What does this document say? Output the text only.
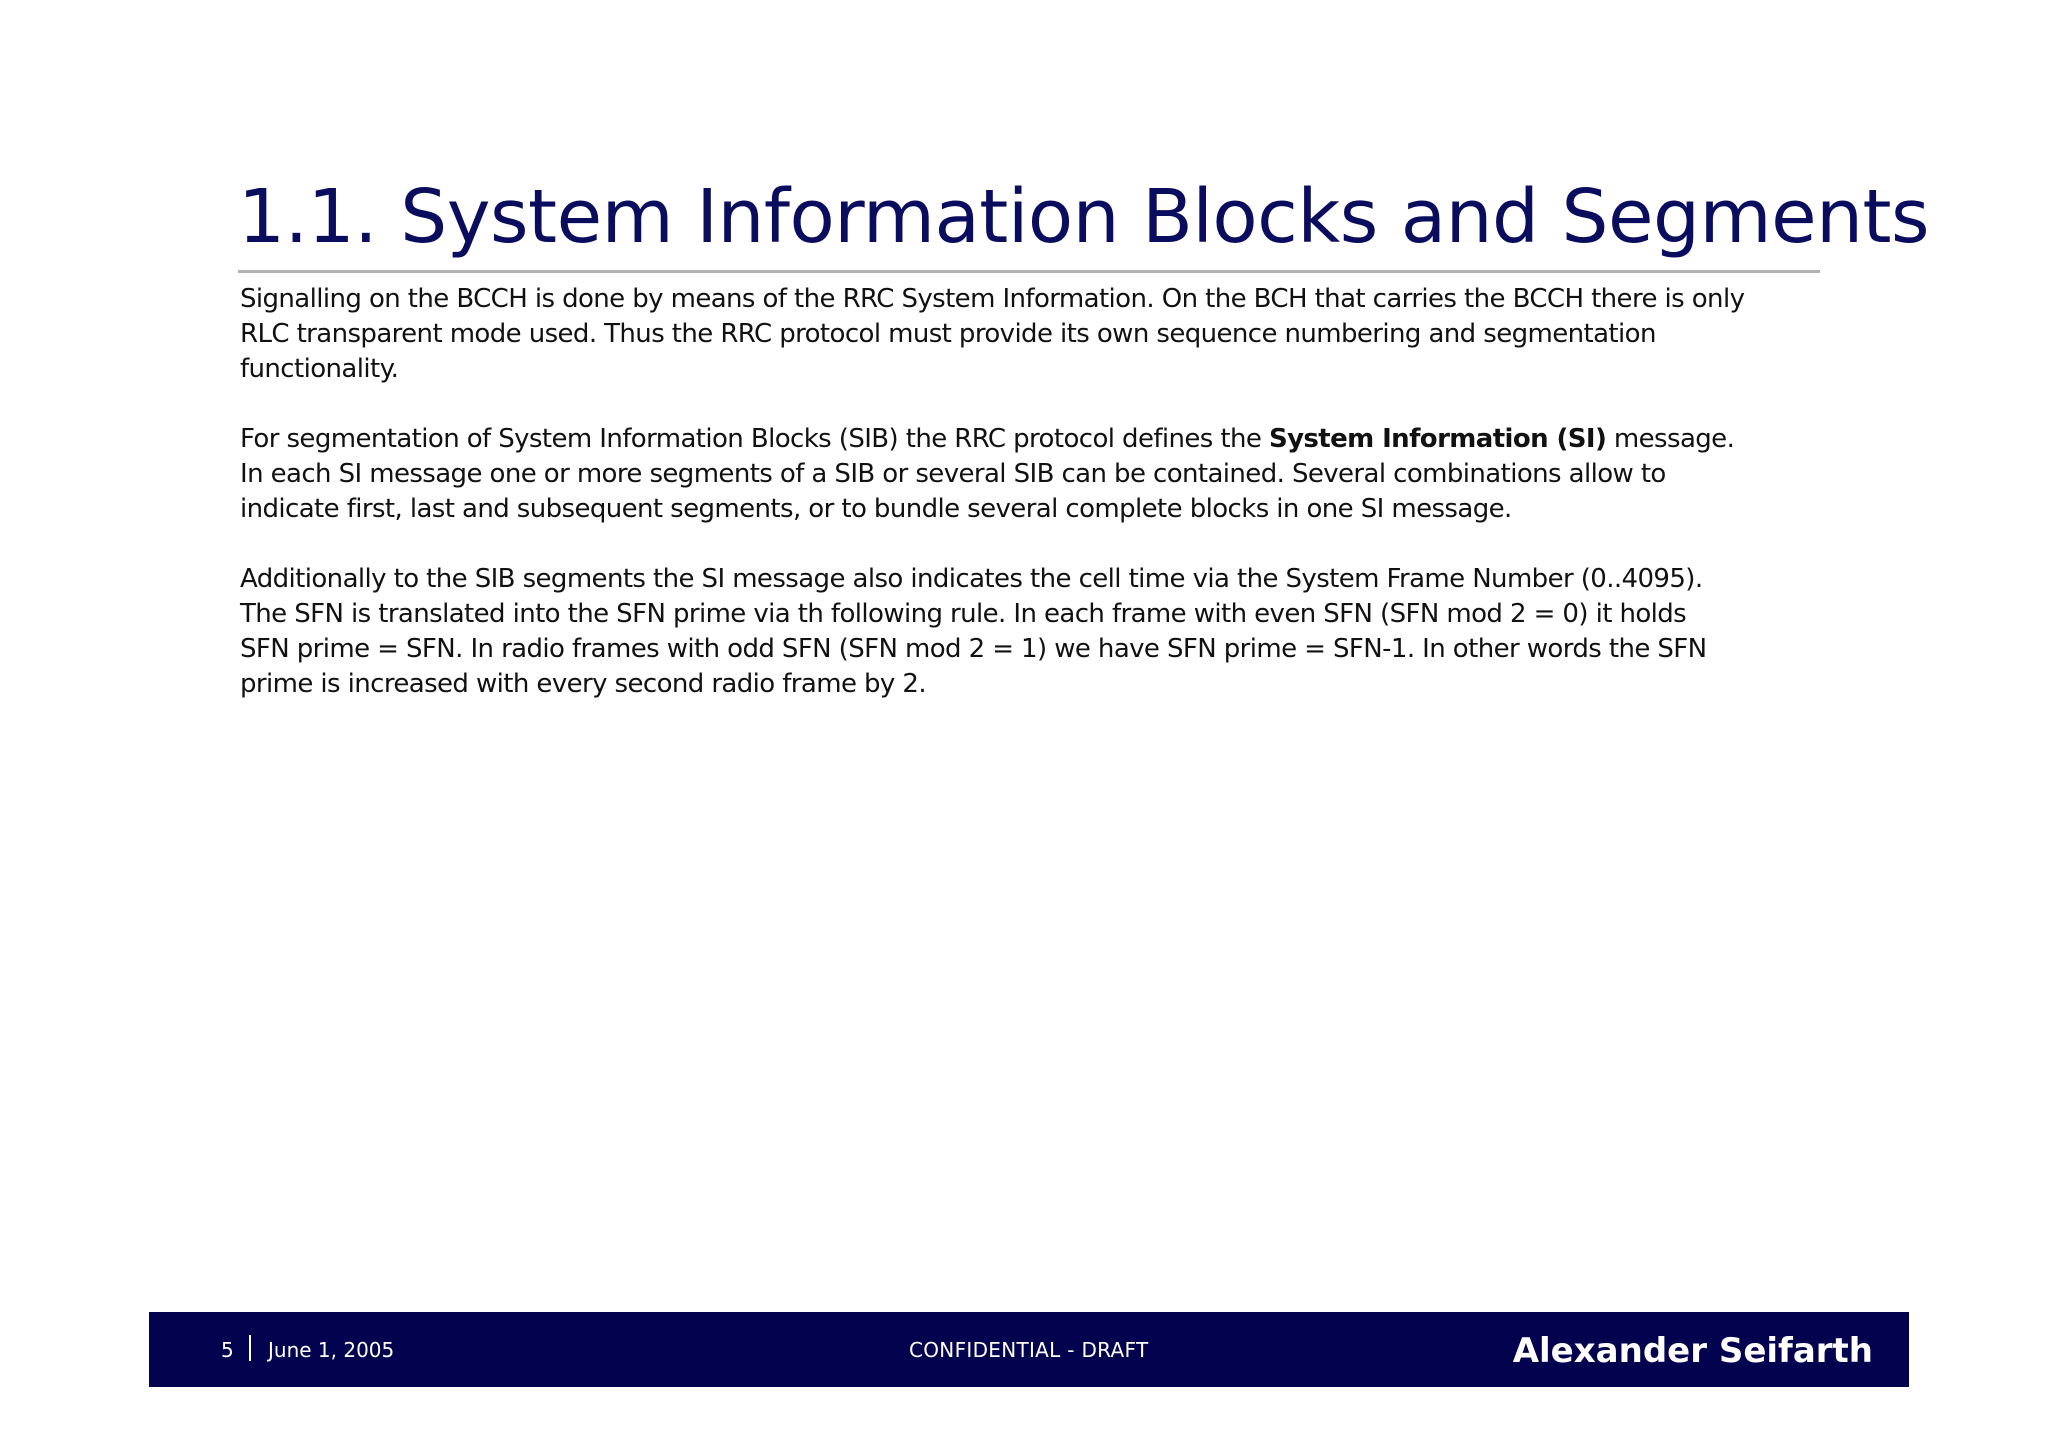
1.1. System Information Blocks and Segments

Signalling on the BCCH is done by means of the RRC System Information. On the BCH that carries the BCCH there is only
RLC transparent mode used. Thus the RRC protocol must provide its own sequence numbering and segmentation
functionality.

For segmentation of System Information Blocks (SIB) the RRC protocol defines the System Information (SI) message.
In each SI message one or more segments of a SIB or several SIB can be contained. Several combinations allow to
indicate first, last and subsequent segments, or to bundle several complete blocks in one SI message.

Additionally to the SIB segments the SI message also indicates the cell time via the System Frame Number (0..4095).
The SFN is translated into the SFN prime via th following rule. In each frame with even SFN (SFN mod 2 = 0) it holds
SFN prime = SFN. In radio frames with odd SFN (SFN mod 2 = 1) we have SFN prime = SFN-1. In other words the SFN
prime is increased with every second radio frame by 2.

5 June 1, 2005	CONFIDENTIAL - DRAFT	Alexander Seifarth
